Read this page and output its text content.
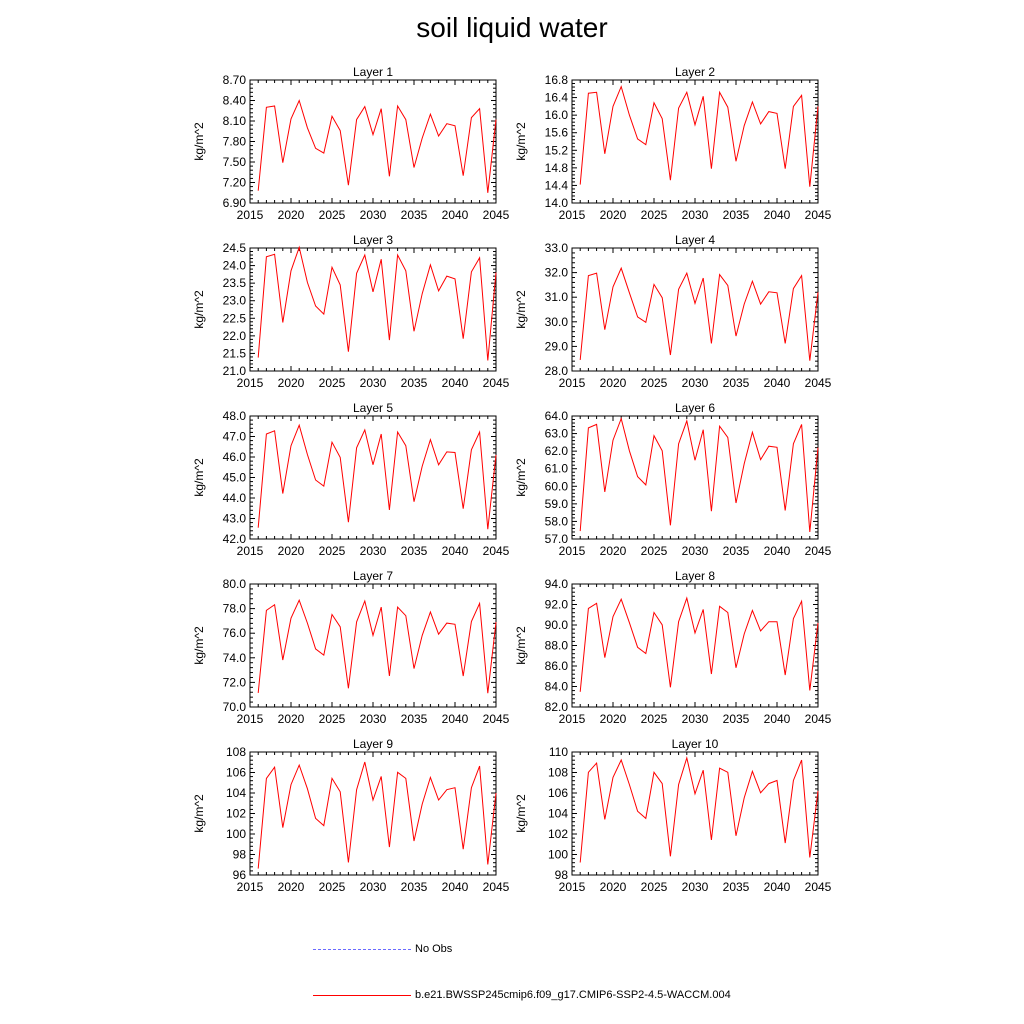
soil liquid water
Layer 1
kg/m^2
2015 2020 2025 2030 2035 2040 2045
6.90
7.20
7.50
7.80
8.10
8.40
8.70
Layer 2
kg/m^2
2015 2020 2025 2030 2035 2040 2045
14.0
14.4
14.8
15.2
15.6
16.0
16.4
16.8
Layer 3
kg/m^2
2015 2020 2025 2030 2035 2040 2045
21.0
21.5
22.0
22.5
23.0
23.5
24.0
24.5
Layer 4
kg/m^2
2015 2020 2025 2030 2035 2040 2045
28.0
29.0
30.0
31.0
32.0
33.0
Layer 5
kg/m^2
2015 2020 2025 2030 2035 2040 2045
42.0
43.0
44.0
45.0
46.0
47.0
48.0
Layer 6
kg/m^2
2015 2020 2025 2030 2035 2040 2045
57.0
58.0
59.0
60.0
61.0
62.0
63.0
64.0
Layer 7
kg/m^2
2015 2020 2025 2030 2035 2040 2045
70.0
72.0
74.0
76.0
78.0
80.0
Layer 8
kg/m^2
2015 2020 2025 2030 2035 2040 2045
82.0
84.0
86.0
88.0
90.0
92.0
94.0
Layer 9
kg/m^2
2015 2020 2025 2030 2035 2040 2045
96
98
100
102
104
106
108
Layer 10
kg/m^2
2015 2020 2025 2030 2035 2040 2045
98
100
102
104
106
108
110
No Obs
b.e21.BWSSP245cmip6.f09_g17.CMIP6-SSP2-4.5-WACCM.004
